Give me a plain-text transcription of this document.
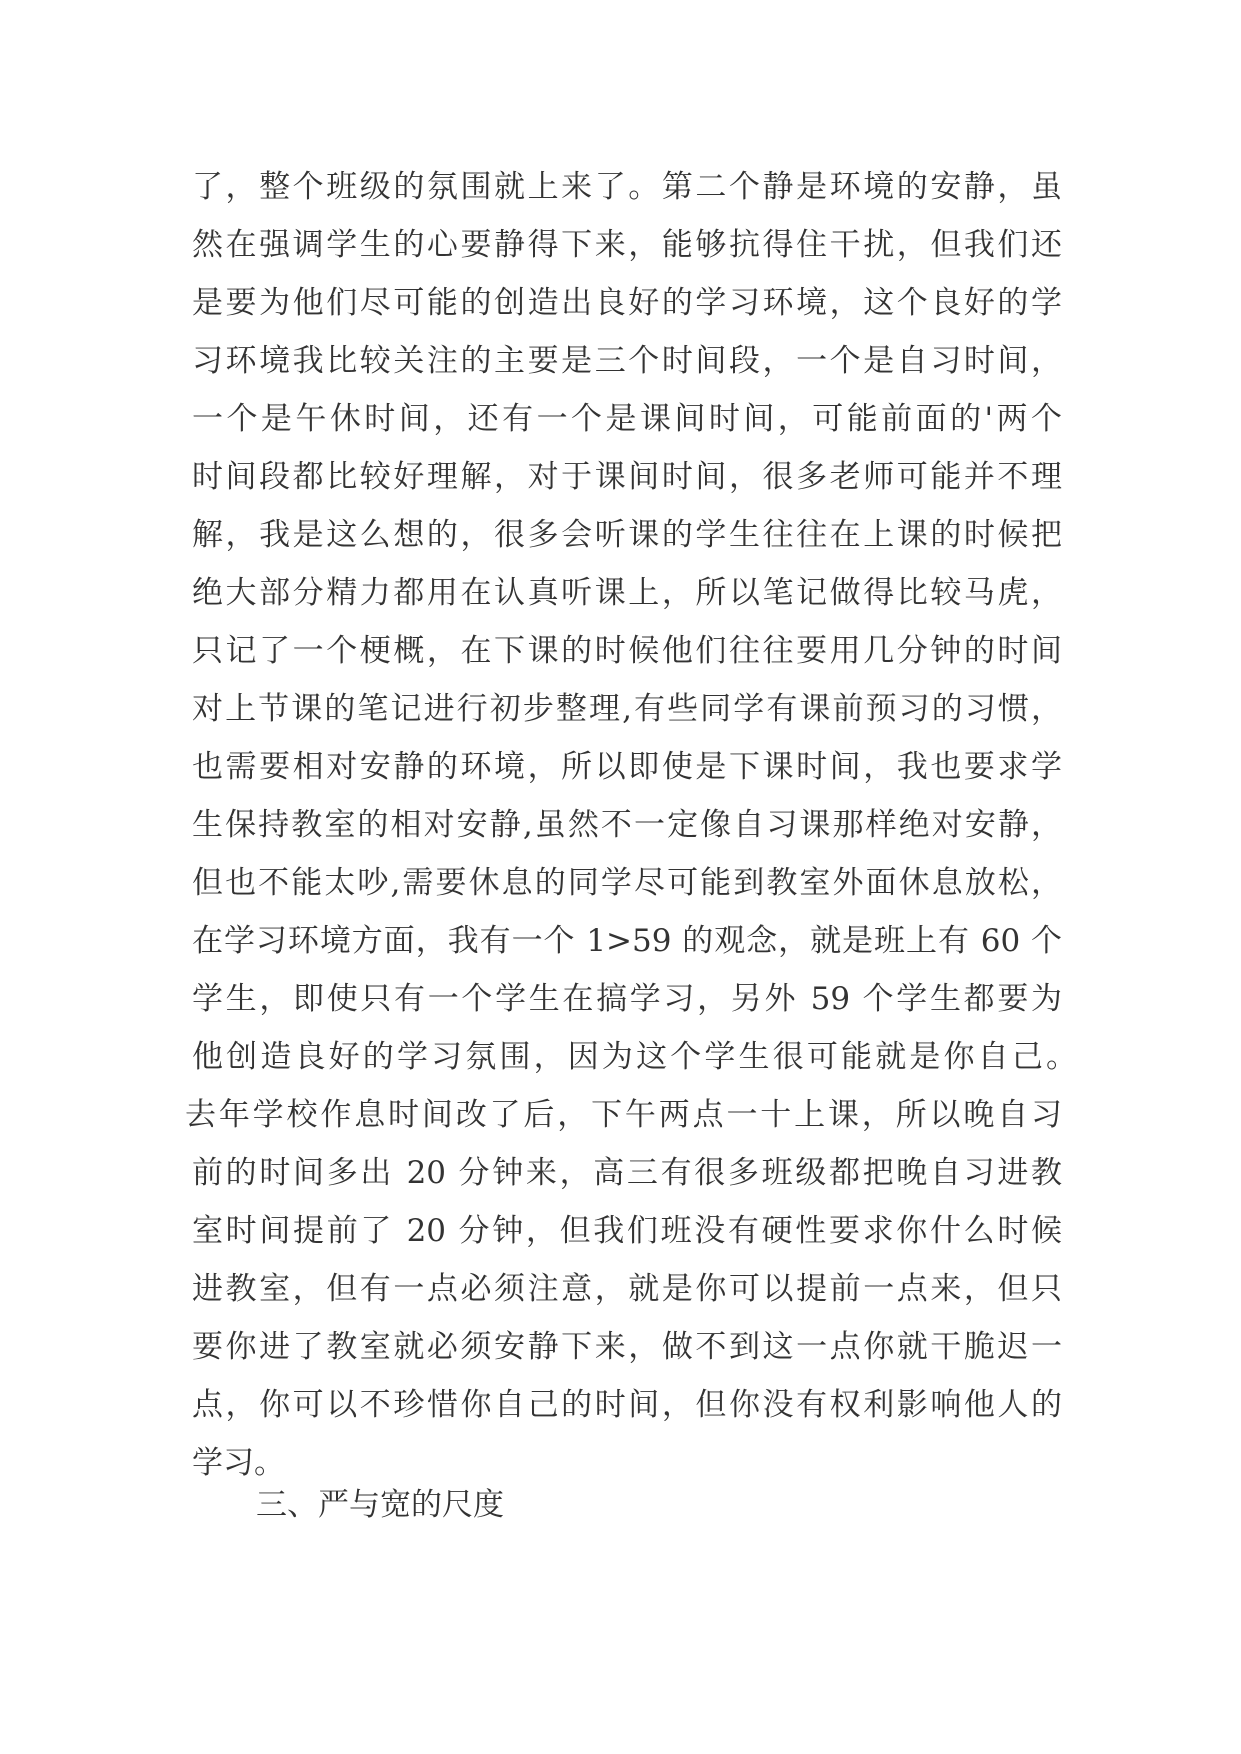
了，整个班级的氛围就上来了。第二个静是环境的安静，虽
然在强调学生的心要静得下来，能够抗得住干扰，但我们还
是要为他们尽可能的创造出良好的学习环境，这个良好的学
习环境我比较关注的主要是三个时间段，一个是自习时间，
一个是午休时间，还有一个是课间时间，可能前面的'两个
时间段都比较好理解，对于课间时间，很多老师可能并不理
解，我是这么想的，很多会听课的学生往往在上课的时候把
绝大部分精力都用在认真听课上，所以笔记做得比较马虎，
只记了一个梗概，在下课的时候他们往往要用几分钟的时间
对上节课的笔记进行初步整理,有些同学有课前预习的习惯，
也需要相对安静的环境，所以即使是下课时间，我也要求学
生保持教室的相对安静,虽然不一定像自习课那样绝对安静，
但也不能太吵,需要休息的同学尽可能到教室外面休息放松，
在学习环境方面，我有一个 1>59 的观念，就是班上有 60 个
学生，即使只有一个学生在搞学习，另外 59 个学生都要为
他创造良好的学习氛围，因为这个学生很可能就是你自己。
去年学校作息时间改了后，下午两点一十上课，所以晚自习
前的时间多出 20 分钟来，高三有很多班级都把晚自习进教
室时间提前了 20 分钟，但我们班没有硬性要求你什么时候
进教室，但有一点必须注意，就是你可以提前一点来，但只
要你进了教室就必须安静下来，做不到这一点你就干脆迟一
点，你可以不珍惜你自己的时间，但你没有权利影响他人的
学习。
三、严与宽的尺度
